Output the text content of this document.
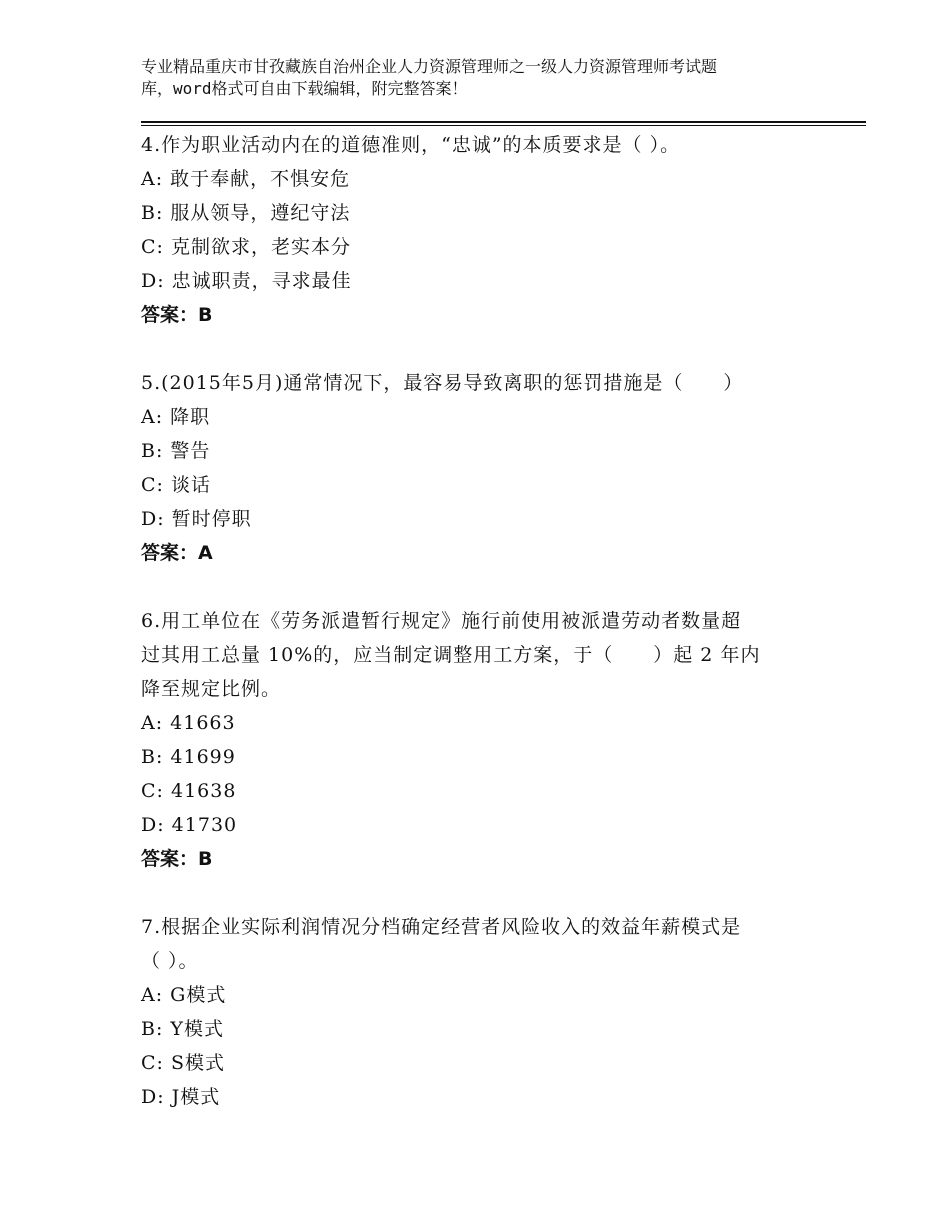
专业精品重庆市甘孜藏族自治州企业人力资源管理师之一级人力资源管理师考试题
库，word格式可自由下载编辑，附完整答案！
4.作为职业活动内在的道德准则，“忠诚”的本质要求是（ ）。
A: 敢于奉献，不惧安危
B: 服从领导，遵纪守法
C: 克制欲求，老实本分
D: 忠诚职责，寻求最佳
答案：B
5.(2015年5月)通常情况下，最容易导致离职的惩罚措施是（　　）
A: 降职
B: 警告
C: 谈话
D: 暂时停职
答案：A
6.用工单位在《劳务派遣暂行规定》施行前使用被派遣劳动者数量超
过其用工总量 10%的，应当制定调整用工方案，于（　　）起 2 年内
降至规定比例。
A: 41663
B: 41699
C: 41638
D: 41730
答案：B
7.根据企业实际利润情况分档确定经营者风险收入的效益年薪模式是
（ ）。
A: G模式
B: Y模式
C: S模式
D: J模式
